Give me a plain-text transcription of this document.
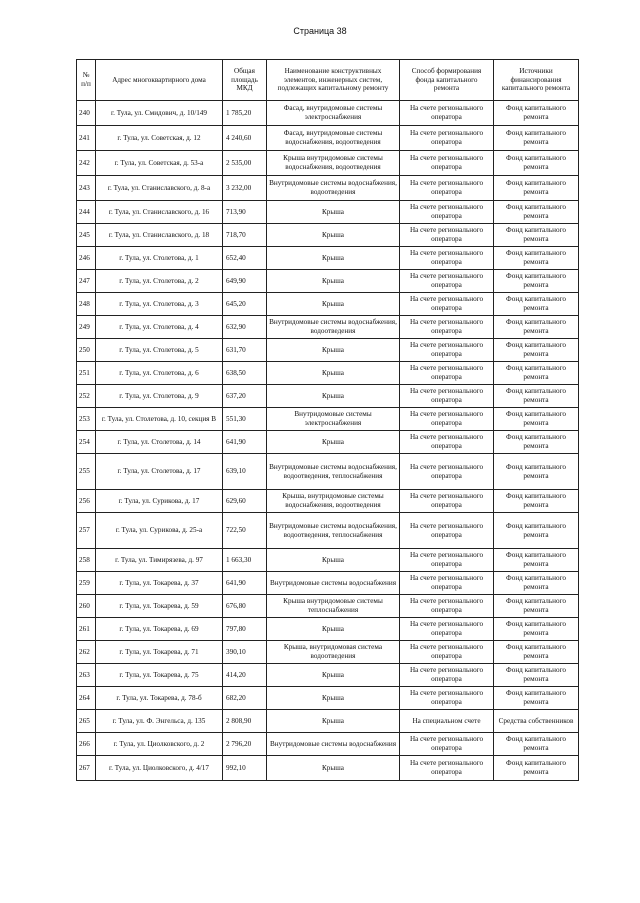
Страница 38
№ п/п	Адрес многоквартирного дома	Общая площадь МКД	Наименование конструктивных элементов, инженерных систем, подлежащих капитальному ремонту	Способ формирования фонда капитального ремонта	Источники финансирования капитального ремонта
240	г. Тула, ул. Смидович, д. 10/149	1 785,20	Фасад, внутридомовые системы электроснабжения	На счете регионального оператора	Фонд капитального ремонта
241	г. Тула, ул. Советская, д. 12	4 240,60	Фасад, внутридомовые системы водоснабжения, водоотведения	На счете регионального оператора	Фонд капитального ремонта
242	г. Тула, ул. Советская, д. 53-а	2 535,00	Крыша внутридомовые системы водоснабжения, водоотведения	На счете регионального оператора	Фонд капитального ремонта
243	г. Тула, ул. Станиславского, д. 8-а	3 232,00	Внутридомовые системы водоснабжения, водоотведения	На счете регионального оператора	Фонд капитального ремонта
244	г. Тула, ул. Станиславского, д. 16	713,90	Крыша	На счете регионального оператора	Фонд капитального ремонта
245	г. Тула, ул. Станиславского, д. 18	718,70	Крыша	На счете регионального оператора	Фонд капитального ремонта
246	г. Тула, ул. Столетова, д. 1	652,40	Крыша	На счете регионального оператора	Фонд капитального ремонта
247	г. Тула, ул. Столетова, д. 2	649,90	Крыша	На счете регионального оператора	Фонд капитального ремонта
248	г. Тула, ул. Столетова, д. 3	645,20	Крыша	На счете регионального оператора	Фонд капитального ремонта
249	г. Тула, ул. Столетова, д. 4	632,90	Внутридомовые системы водоснабжения, водоотведения	На счете регионального оператора	Фонд капитального ремонта
250	г. Тула, ул. Столетова, д. 5	631,70	Крыша	На счете регионального оператора	Фонд капитального ремонта
251	г. Тула, ул. Столетова, д. 6	638,50	Крыша	На счете регионального оператора	Фонд капитального ремонта
252	г. Тула, ул. Столетова, д. 9	637,20	Крыша	На счете регионального оператора	Фонд капитального ремонта
253	г. Тула, ул. Столетова, д. 10, секция В	551,30	Внутридомовые системы электроснабжения	На счете регионального оператора	Фонд капитального ремонта
254	г. Тула, ул. Столетова, д. 14	641,90	Крыша	На счете регионального оператора	Фонд капитального ремонта
255	г. Тула, ул. Столетова, д. 17	639,10	Внутридомовые системы водоснабжения, водоотведения, теплоснабжения	На счете регионального оператора	Фонд капитального ремонта
256	г. Тула, ул. Сурикова, д. 17	629,60	Крыша, внутридомовые системы водоснабжения, водоотведения	На счете регионального оператора	Фонд капитального ремонта
257	г. Тула, ул. Сурикова, д. 25-а	722,50	Внутридомовые системы водоснабжения, водоотведения, теплоснабжения	На счете регионального оператора	Фонд капитального ремонта
258	г. Тула, ул. Тимирязева, д. 97	1 663,30	Крыша	На счете регионального оператора	Фонд капитального ремонта
259	г. Тула, ул. Токарева, д. 37	641,90	Внутридомовые системы водоснабжения	На счете регионального оператора	Фонд капитального ремонта
260	г. Тула, ул. Токарева, д. 59	676,80	Крыша внутридомовые системы теплоснабжения	На счете регионального оператора	Фонд капитального ремонта
261	г. Тула, ул. Токарева, д. 69	797,80	Крыша	На счете регионального оператора	Фонд капитального ремонта
262	г. Тула, ул. Токарева, д. 71	390,10	Крыша, внутридомовая система водоотведения	На счете регионального оператора	Фонд капитального ремонта
263	г. Тула, ул. Токарева, д. 75	414,20	Крыша	На счете регионального оператора	Фонд капитального ремонта
264	г. Тула, ул. Токарева, д. 78-б	682,20	Крыша	На счете регионального оператора	Фонд капитального ремонта
265	г. Тула, ул. Ф. Энгельса, д. 135	2 808,90	Крыша	На специальном счете	Средства собственников
266	г. Тула, ул. Циолковского, д. 2	2 796,20	Внутридомовые системы водоснабжения	На счете регионального оператора	Фонд капитального ремонта
267	г. Тула, ул. Циолковского, д. 4/17	992,10	Крыша	На счете регионального оператора	Фонд капитального ремонта
